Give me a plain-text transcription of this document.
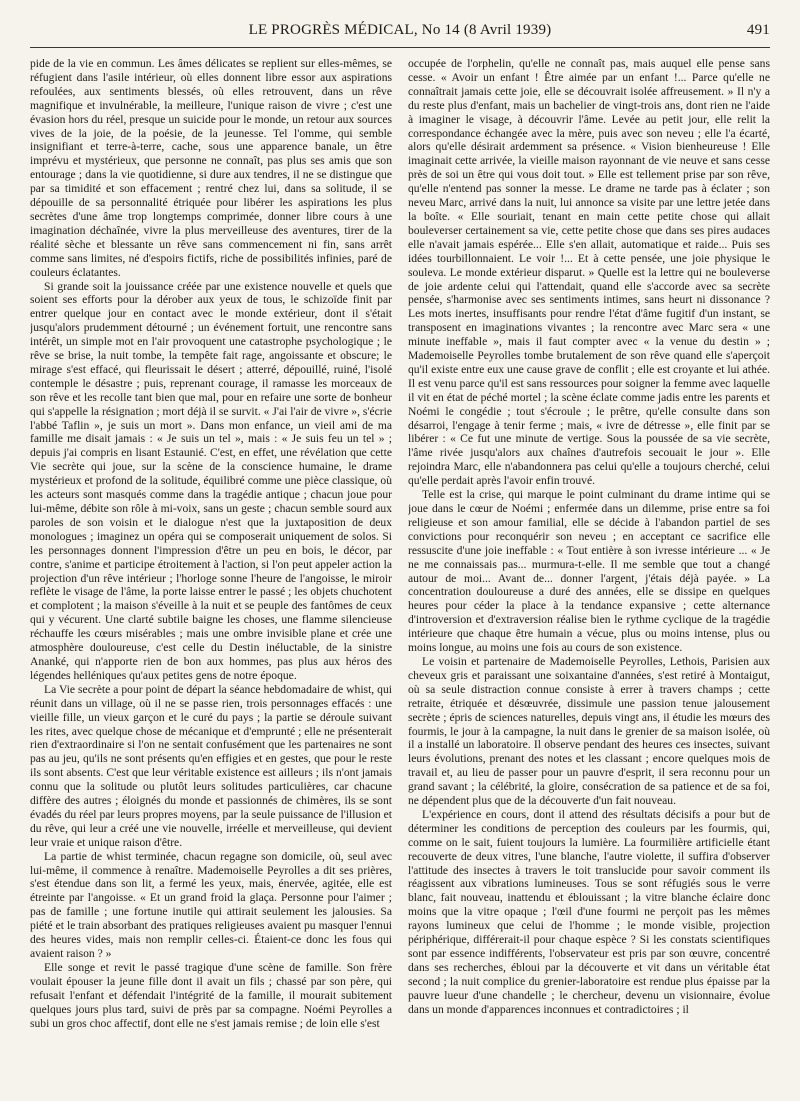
LE PROGRÈS MÉDICAL, No 14 (8 Avril 1939)	491

pide de la vie en commun. Les âmes délicates se replient sur elles-mêmes, se réfugient dans l'asile intérieur, où elles donnent libre essor aux aspirations refoulées, aux sentiments blessés, où elles retrouvent, dans un rêve magnifique et invulnérable, la meilleure, l'unique raison de vivre ; c'est une évasion hors du réel, presque un suicide pour le monde, un retour aux sources vives de la joie, de la poésie, de la jeunesse. Tel l'omme, qui semble insignifiant et terre-à-terre, cache, sous une apparence banale, un être imprévu et mystérieux, que personne ne connaît, pas plus ses amis que son entourage ; dans la vie quotidienne, si dure aux tendres, il ne se distingue que par sa timidité et son effacement ; rentré chez lui, dans sa solitude, il se dépouille de sa personnalité étriquée pour libérer les aspirations les plus secrètes d'une âme trop longtemps comprimée, donner libre cours à une imagination déchaînée, vivre la plus merveilleuse des aventures, tirer de la réalité sèche et blessante un rêve sans commencement ni fin, sans arrêt comme sans limites, né d'espoirs fictifs, riche de possibilités infinies, paré de couleurs éclatantes.

Si grande soit la jouissance créée par une existence nouvelle et quels que soient ses efforts pour la dérober aux yeux de tous, le schizoïde finit par entrer quelque jour en contact avec le monde extérieur, dont il s'était jusqu'alors prudemment détourné ; un événement fortuit, une rencontre sans intérêt, un simple mot en l'air provoquent une catastrophe psychologique ; le rêve se brise, la nuit tombe, la tempête fait rage, angoissante et obscure; le mirage s'est effacé, qui fleurissait le désert ; atterré, dépouillé, ruiné, l'isolé contemple le désastre ; puis, reprenant courage, il ramasse les morceaux de son rêve et les recolle tant bien que mal, pour en refaire une sorte de bonheur qui s'appelle la résignation ; mort déjà il se survit. « J'ai l'air de vivre », s'écrie l'abbé Taflin », je suis un mort ». Dans mon enfance, un vieil ami de ma famille me disait jamais : « Je suis un tel », mais : « Je suis feu un tel » ; depuis j'ai compris en lisant Estaunié. C'est, en effet, une révélation que cette Vie secrète qui joue, sur la scène de la conscience humaine, le drame mystérieux et profond de la solitude, équilibré comme une pièce classique, où les acteurs sont masqués comme dans la tragédie antique ; chacun joue pour lui-même, débite son rôle à mi-voix, sans un geste ; chacun semble sourd aux paroles de son voisin et le dialogue n'est que la juxtaposition de deux monologues ; imaginez un opéra qui se composerait uniquement de solos. Si les personnages donnent l'impression d'être un peu en bois, le décor, par contre, s'anime et participe étroitement à l'action, si l'on peut appeler action la projection d'un rêve intérieur ; l'horloge sonne l'heure de l'angoisse, le miroir reflète le visage de l'âme, la porte laisse entrer le passé ; les objets chuchotent et complotent ; la maison s'éveille à la nuit et se peuple des fantômes de ceux qui y vécurent. Une clarté subtile baigne les choses, une flamme silencieuse réchauffe les cœurs misérables ; mais une ombre invisible plane et crée une atmosphère douloureuse, c'est celle du Destin inéluctable, de la sinistre Ananké, qui n'apporte rien de bon aux hommes, pas plus aux héros des légendes helléniques qu'aux petites gens de notre époque.

La Vie secrète a pour point de départ la séance hebdomadaire de whist, qui réunit dans un village, où il ne se passe rien, trois personnages effacés : une vieille fille, un vieux garçon et le curé du pays ; la partie se déroule suivant les rites, avec quelque chose de mécanique et d'emprunté ; elle ne présenterait rien d'extraordinaire si l'on ne sentait confusément que les partenaires ne sont pas au jeu, qu'ils ne sont présents qu'en effigies et en gestes, que pour le reste ils sont absents. C'est que leur véritable existence est ailleurs ; ils n'ont jamais connu que la solitude ou plutôt leurs solitudes particulières, car chacune diffère des autres ; éloignés du monde et passionnés de chimères, ils se sont évadés du réel par leurs propres moyens, par la seule puissance de l'illusion et du rêve, qui leur a créé une vie nouvelle, irréelle et merveilleuse, qui devient leur vraie et unique raison d'être.

La partie de whist terminée, chacun regagne son domicile, où, seul avec lui-même, il commence à renaître. Mademoiselle Peyrolles a dit ses prières, s'est étendue dans son lit, a fermé les yeux, mais, énervée, agitée, elle est étreinte par l'angoisse. « Et un grand froid la glaça. Personne pour l'aimer ; pas de famille ; une fortune inutile qui attirait seulement les jalousies. Sa piété et le train absorbant des pratiques religieuses avaient pu masquer l'ennui des heures vides, mais non remplir celles-ci. Étaient-ce donc les fous qui avaient raison ? »

Elle songe et revit le passé tragique d'une scène de famille. Son frère voulait épouser la jeune fille dont il avait un fils ; chassé par son père, qui refusait l'enfant et défendait l'intégrité de la famille, il mourait subitement quelques jours plus tard, suivi de près par sa compagne. Noémi Peyrolles a subi un gros choc affectif, dont elle ne s'est jamais remise ; de loin elle s'est

occupée de l'orphelin, qu'elle ne connaît pas, mais auquel elle pense sans cesse. « Avoir un enfant ! Être aimée par un enfant !... Parce qu'elle ne connaîtrait jamais cette joie, elle se découvrait isolée affreusement. » Il n'y a du reste plus d'enfant, mais un bachelier de vingt-trois ans, dont rien ne l'aide à imaginer le visage, à découvrir l'âme. Levée au petit jour, elle relit la correspondance échangée avec la mère, puis avec son neveu ; elle l'a écarté, alors qu'elle désirait ardemment sa présence. « Vision bienheureuse ! Elle imaginait cette arrivée, la vieille maison rayonnant de vie neuve et sans cesse près de soi un être qui vous doit tout. » Elle est tellement prise par son rêve, qu'elle n'entend pas sonner la messe. Le drame ne tarde pas à éclater ; son neveu Marc, arrivé dans la nuit, lui annonce sa visite par une lettre jetée dans la boîte. « Elle souriait, tenant en main cette petite chose qui allait bouleverser certainement sa vie, cette petite chose que dans ses pires audaces elle n'avait jamais espérée... Elle s'en allait, automatique et raide... Puis ses idées tourbillonnaient. Le voir !... Et à cette pensée, une joie physique le souleva. Le monde extérieur disparut. » Quelle est la lettre qui ne bouleverse de joie ardente celui qui l'attendait, quand elle s'accorde avec sa secrète pensée, s'harmonise avec ses sentiments intimes, sans heurt ni dissonance ? Les mots inertes, insuffisants pour rendre l'état d'âme fugitif d'un instant, se transposent en imaginations vivantes ; la rencontre avec Marc sera « une minute ineffable », mais il faut compter avec « la venue du destin » ; Mademoiselle Peyrolles tombe brutalement de son rêve quand elle s'aperçoit qu'il existe entre eux une cause grave de conflit ; elle est croyante et lui athée. Il est venu parce qu'il est sans ressources pour soigner la femme avec laquelle il vit en état de péché mortel ; la scène éclate comme jadis entre les parents et Noémi le congédie ; tout s'écroule ; le prêtre, qu'elle consulte dans son désarroi, l'engage à tenir ferme ; mais, « ivre de détresse », elle finit par se libérer : « Ce fut une minute de vertige. Sous la poussée de sa vie secrète, l'âme rivée jusqu'alors aux chaînes d'autrefois secouait le jour ». Elle rejoindra Marc, elle n'abandonnera pas celui qu'elle a toujours cherché, celui qu'elle perdait après l'avoir enfin trouvé.

Telle est la crise, qui marque le point culminant du drame intime qui se joue dans le cœur de Noémi ; enfermée dans un dilemme, prise entre sa foi religieuse et son amour familial, elle se décide à l'abandon partiel de ses convictions pour reconquérir son neveu ; en acceptant ce sacrifice elle ressuscite d'une joie ineffable : « Tout entière à son ivresse intérieure ... « Je ne me connaissais pas... murmura-t-elle. Il me semble que tout a changé autour de moi... Avant de... donner l'argent, j'étais déjà payée. » La concentration douloureuse a duré des années, elle se dissipe en quelques heures pour céder la place à la tendance expansive ; cette alternance d'introversion et d'extraversion réalise bien le rythme cyclique de la tragédie intérieure que chaque être humain a vécue, plus ou moins intense, plus ou moins longue, au moins une fois au cours de son existence.

Le voisin et partenaire de Mademoiselle Peyrolles, Lethois, Parisien aux cheveux gris et paraissant une soixantaine d'années, s'est retiré à Montaigut, où sa seule distraction connue consiste à errer à travers champs ; cette retraite, étriquée et désœuvrée, dissimule une passion tenue jalousement secrète ; épris de sciences naturelles, depuis vingt ans, il étudie les mœurs des fourmis, le jour à la campagne, la nuit dans le grenier de sa maison isolée, où il a installé un laboratoire. Il observe pendant des heures ces insectes, suivant leurs évolutions, prenant des notes et les classant ; encore quelques mois de travail et, au lieu de passer pour un pauvre d'esprit, il sera reconnu pour un grand savant ; la célébrité, la gloire, consécration de sa patience et de sa foi, ne dépendent plus que de la découverte d'un fait nouveau.

L'expérience en cours, dont il attend des résultats décisifs a pour but de déterminer les conditions de perception des couleurs par les fourmis, qui, comme on le sait, fuient toujours la lumière. La fourmilière artificielle étant recouverte de deux vitres, l'une blanche, l'autre violette, il suffira d'observer l'attitude des insectes à travers le toit translucide pour savoir comment ils réagissent aux vibrations lumineuses. Tous se sont réfugiés sous le verre blanc, fait nouveau, inattendu et éblouissant ; la vitre blanche éclaire donc moins que la vitre opaque ; l'œil d'une fourmi ne perçoit pas les mêmes rayons lumineux que celui de l'homme ; le monde visible, projection périphérique, différerait-il pour chaque espèce ? Si les constats scientifiques sont par essence indifférents, l'observateur est pris par son œuvre, concentré dans ses recherches, ébloui par la découverte et vit dans un véritable état second ; la nuit complice du grenier-laboratoire est rendue plus épaisse par la pauvre lueur d'une chandelle ; le chercheur, devenu un visionnaire, évolue dans un monde d'apparences inconnues et contradictoires ; il
